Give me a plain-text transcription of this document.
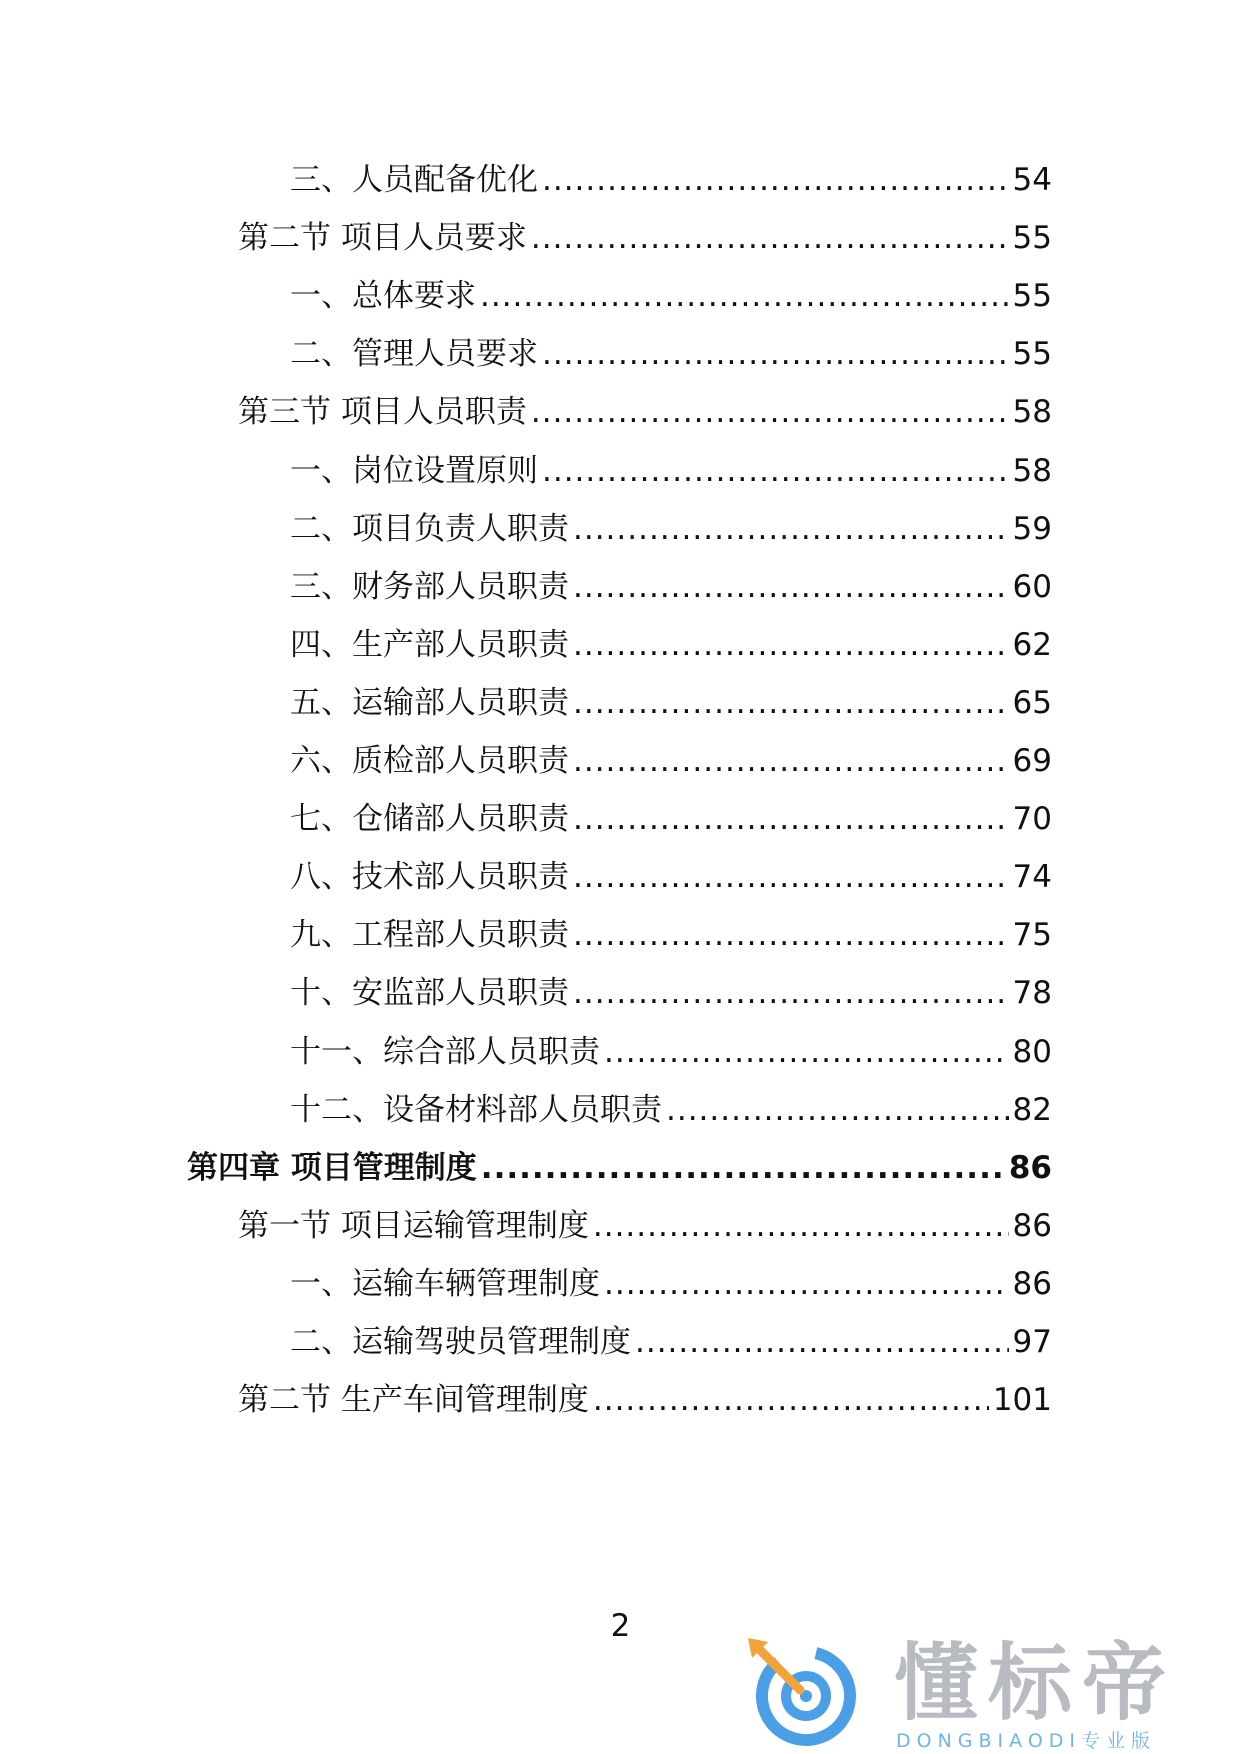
三、人员配备优化 .....	54
第二节 项目人员要求 .....	55
一、总体要求 .....	55
二、管理人员要求 .....	55
第三节 项目人员职责 .....	58
一、岗位设置原则 .....	58
二、项目负责人职责 .....	59
三、财务部人员职责 .....	60
四、生产部人员职责 .....	62
五、运输部人员职责 .....	65
六、质检部人员职责 .....	69
七、仓储部人员职责 .....	70
八、技术部人员职责 .....	74
九、工程部人员职责 .....	75
十、安监部人员职责 .....	78
十一、综合部人员职责 .....	80
十二、设备材料部人员职责 .....	82
第四章 项目管理制度 .....	86
第一节 项目运输管理制度 .....	86
一、运输车辆管理制度 .....	86
二、运输驾驶员管理制度 .....	97
第二节 生产车间管理制度 .....	101
2
懂标帝
DONGBIAODI专业版
